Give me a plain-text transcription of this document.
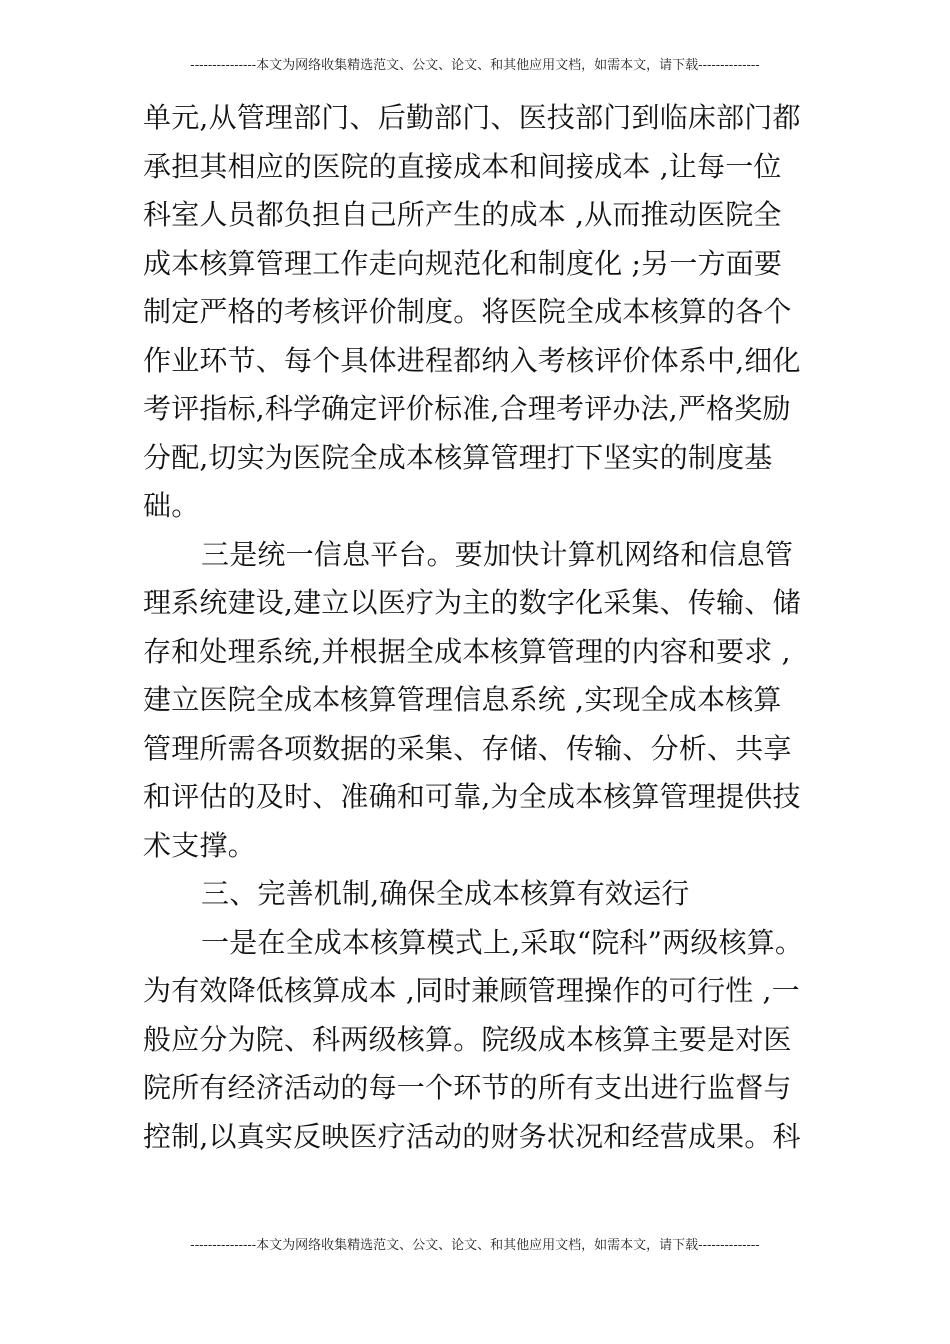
---------------本文为网络收集精选范文、公文、论文、和其他应用文档，如需本文，请下载--------------
单元,从管理部门、后勤部门、医技部门到临床部门都
承担其相应的医院的直接成本和间接成本 ,让每一位
科室人员都负担自己所产生的成本 ,从而推动医院全
成本核算管理工作走向规范化和制度化 ;另一方面要
制定严格的考核评价制度。将医院全成本核算的各个
作业环节、每个具体进程都纳入考核评价体系中,细化
考评指标,科学确定评价标准,合理考评办法,严格奖励
分配,切实为医院全成本核算管理打下坚实的制度基
础。
三是统一信息平台。要加快计算机网络和信息管
理系统建设,建立以医疗为主的数字化采集、传输、储
存和处理系统,并根据全成本核算管理的内容和要求 ,
建立医院全成本核算管理信息系统 ,实现全成本核算
管理所需各项数据的采集、存储、传输、分析、共享
和评估的及时、准确和可靠,为全成本核算管理提供技
术支撑。
三、完善机制,确保全成本核算有效运行
一是在全成本核算模式上,采取“院科”两级核算。
为有效降低核算成本 ,同时兼顾管理操作的可行性 ,一
般应分为院、科两级核算。院级成本核算主要是对医
院所有经济活动的每一个环节的所有支出进行监督与
控制,以真实反映医疗活动的财务状况和经营成果。科
---------------本文为网络收集精选范文、公文、论文、和其他应用文档，如需本文，请下载--------------
